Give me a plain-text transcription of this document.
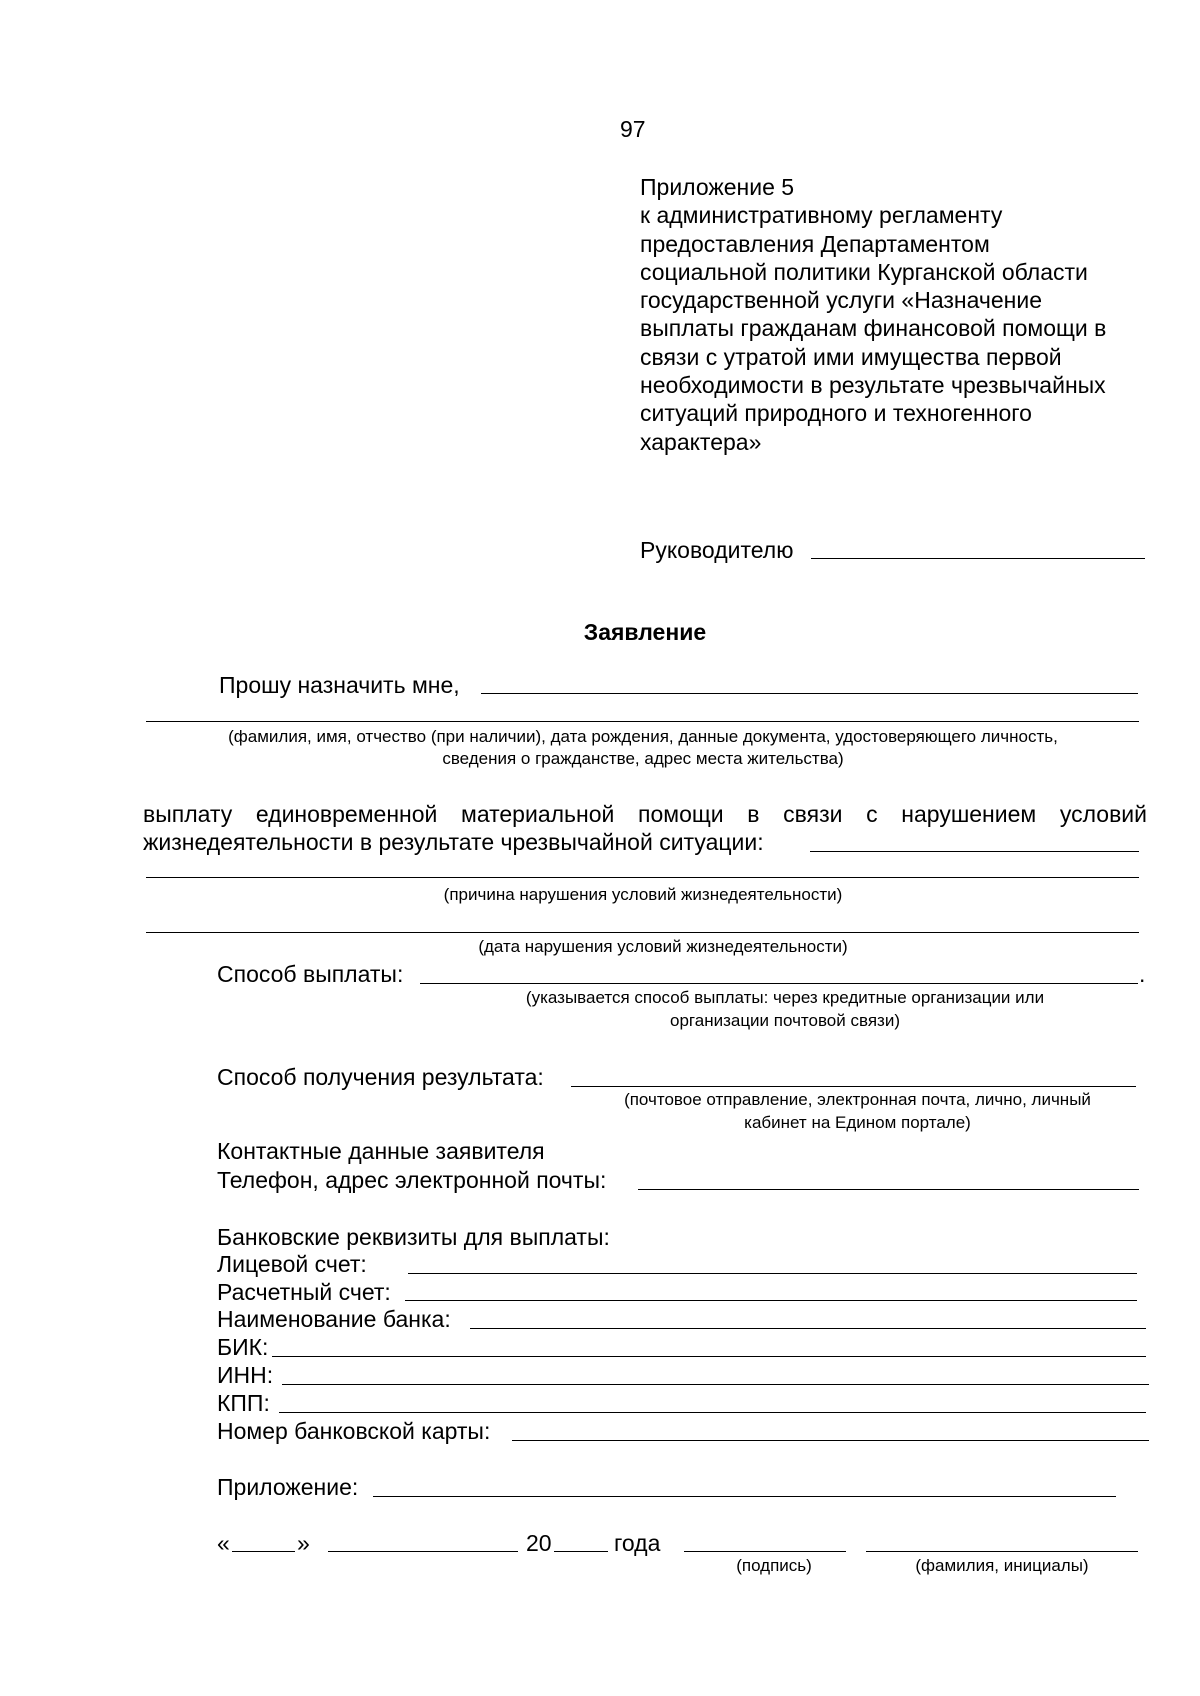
97
Приложение 5
к административному регламенту
предоставления Департаментом
социальной политики Курганской области
государственной услуги «Назначение
выплаты гражданам финансовой помощи в
связи с утратой ими имущества первой
необходимости в результате чрезвычайных
ситуаций природного и техногенного
характера»
Руководителю
Заявление
Прошу назначить мне,
(фамилия, имя, отчество (при наличии), дата рождения, данные документа, удостоверяющего личность,
сведения о гражданстве, адрес места жительства)
выплату единовременной материальной помощи в связи с нарушением условий
жизнедеятельности в результате чрезвычайной ситуации:
(причина нарушения условий жизнедеятельности)
(дата нарушения условий жизнедеятельности)
Способ выплаты:	.
(указывается способ выплаты: через кредитные организации или
организации почтовой связи)
Способ получения результата:
(почтовое отправление, электронная почта, лично, личный
кабинет на Едином портале)
Контактные данные заявителя
Телефон, адрес электронной почты:
Банковские реквизиты для выплаты:
Лицевой счет:
Расчетный счет:
Наименование банка:
БИК:
ИНН:
КПП:
Номер банковской карты:
Приложение:
«	»	20	года
(подпись)	(фамилия, инициалы)
